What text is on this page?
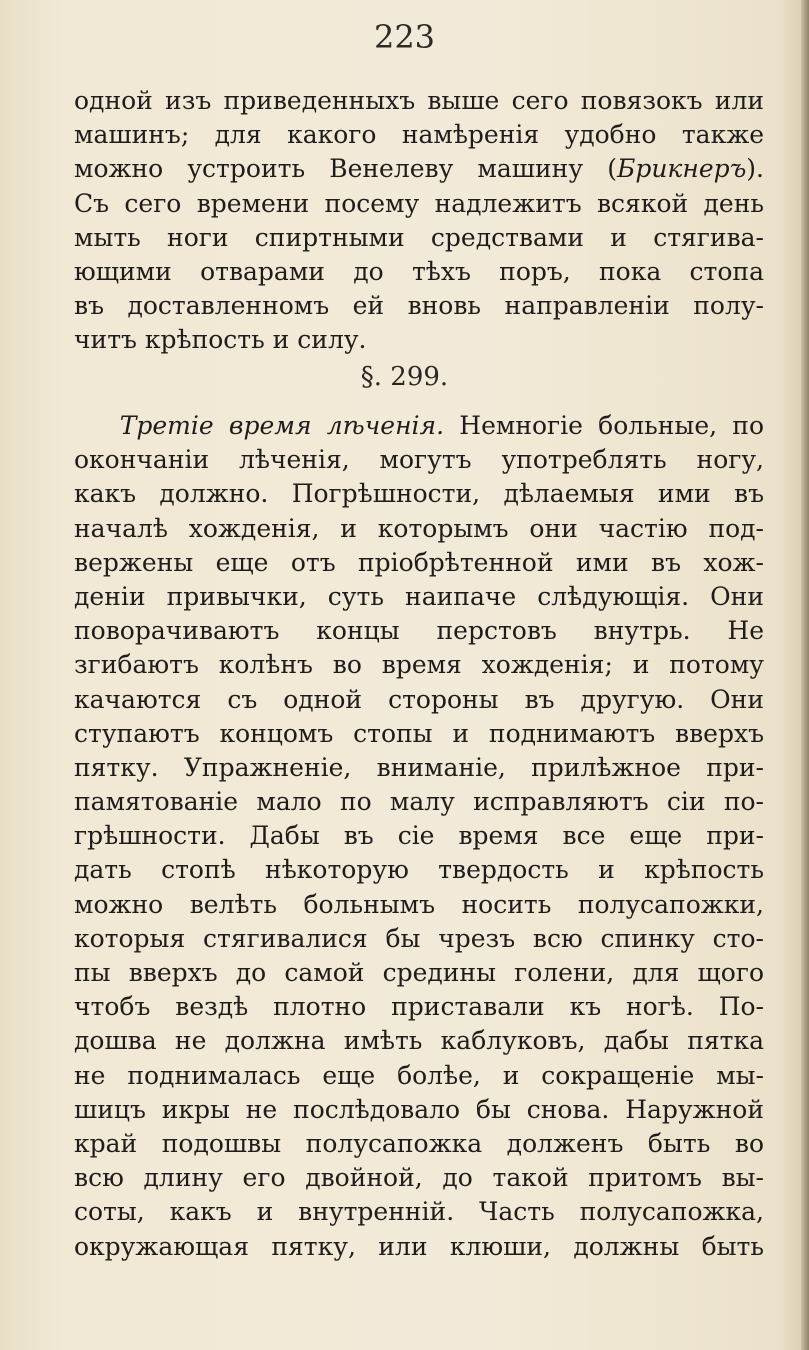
223
одной изъ приведенныхъ выше сего повязокъ или
машинъ; для какого намѣренія удобно также
можно устроить Венелеву машину (Брикнеръ).
Съ сего времени посему надлежитъ всякой день
мыть ноги спиртными средствами и стягива-
ющими отварами до тѣхъ поръ, пока стопа
въ доставленномъ ей вновь направленіи полу-
читъ крѣпость и силу.
§. 299.
Третіе время лѣченія. Немногіе больные, по
окончаніи лѣченія, могутъ употреблять ногу,
какъ должно. Погрѣшности, дѣлаемыя ими въ
началѣ хожденія, и которымъ они частію под-
вержены еще отъ пріобрѣтенной ими въ хож-
деніи привычки, суть наипаче слѣдующія. Они
поворачиваютъ концы перстовъ внутрь. Не
згибаютъ колѣнъ во время хожденія; и потому
качаются съ одной стороны въ другую. Они
ступаютъ концомъ стопы и поднимаютъ вверхъ
пятку. Упражненіе, вниманіе, прилѣжное при-
памятованіе мало по малу исправляютъ сіи по-
грѣшности. Дабы въ сіе время все еще при-
дать стопѣ нѣкоторую твердость и крѣпость
можно велѣть больнымъ носить полусапожки,
которыя стягивалися бы чрезъ всю спинку сто-
пы вверхъ до самой средины голени, для щого
чтобъ вездѣ плотно приставали къ ногѣ. По-
дошва не должна имѣть каблуковъ, дабы пятка
не поднималась еще болѣе, и сокращеніе мы-
шицъ икры не послѣдовало бы снова. Наружной
край подошвы полусапожка долженъ быть во
всю длину его двойной, до такой притомъ вы-
соты, какъ и внутренній. Часть полусапожка,
окружающая пятку, или клюши, должны быть
